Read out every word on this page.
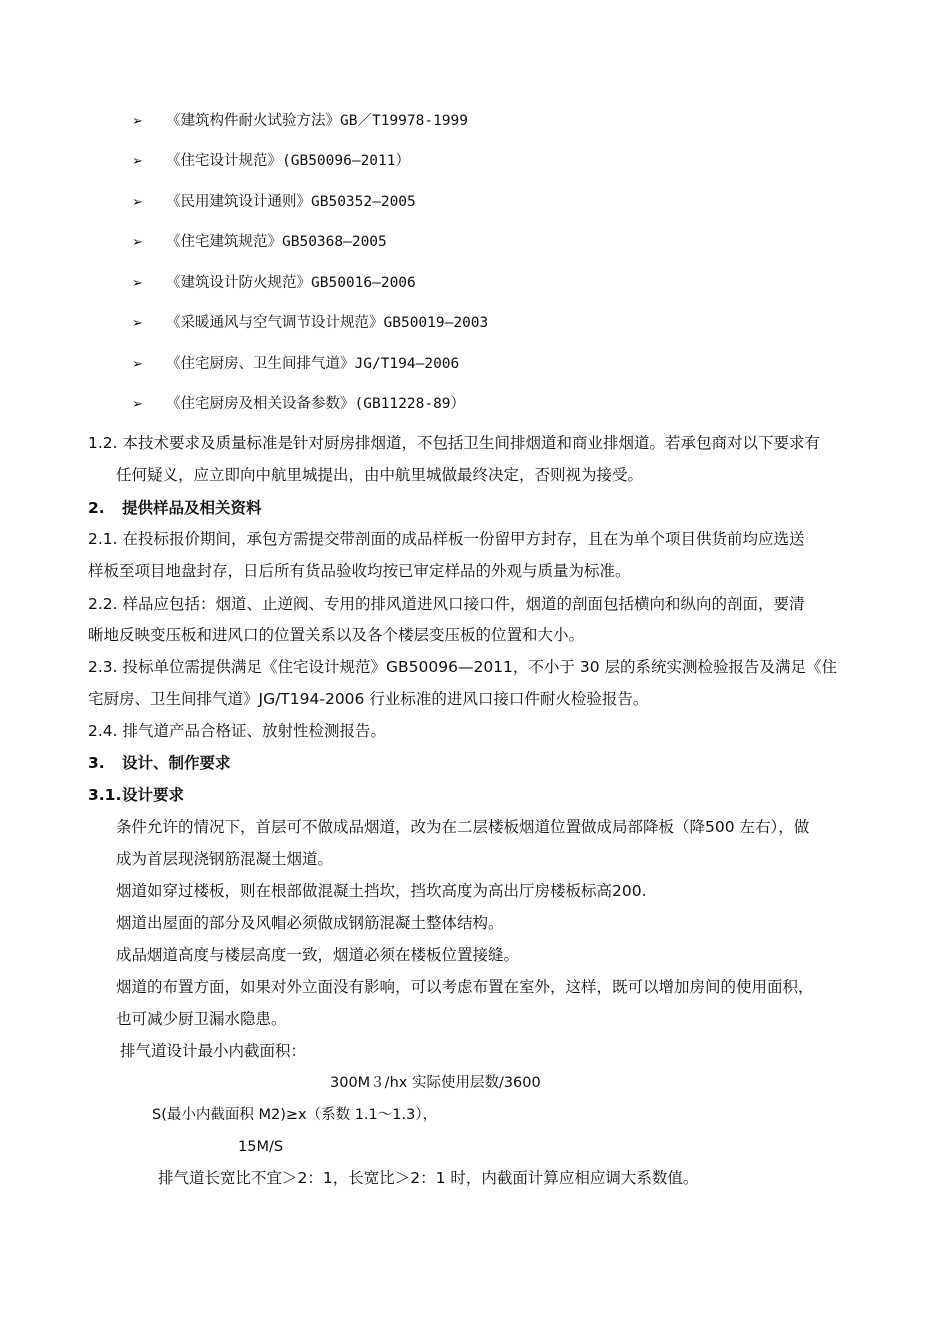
➢ 《建筑构件耐火试验方法》GB／T19978-1999
➢ 《住宅设计规范》(GB50096—2011）
➢ 《民用建筑设计通则》GB50352—2005
➢ 《住宅建筑规范》GB50368—2005
➢ 《建筑设计防火规范》GB50016—2006
➢ 《采暖通风与空气调节设计规范》GB50019—2003
➢ 《住宅厨房、卫生间排气道》JG/T194—2006
➢ 《住宅厨房及相关设备参数》(GB11228-89）
1.2. 本技术要求及质量标准是针对厨房排烟道，不包括卫生间排烟道和商业排烟道。若承包商对以下要求有
任何疑义，应立即向中航里城提出，由中航里城做最终决定，否则视为接受。
2. 提供样品及相关资料
2.1. 在投标报价期间，承包方需提交带剖面的成品样板一份留甲方封存，且在为单个项目供货前均应选送
样板至项目地盘封存，日后所有货品验收均按已审定样品的外观与质量为标准。
2.2. 样品应包括：烟道、止逆阀、专用的排风道进风口接口件，烟道的剖面包括横向和纵向的剖面，要清
晰地反映变压板和进风口的位置关系以及各个楼层变压板的位置和大小。
2.3. 投标单位需提供满足《住宅设计规范》GB50096—2011，不小于 30 层的系统实测检验报告及满足《住
宅厨房、卫生间排气道》JG/T194-2006 行业标准的进风口接口件耐火检验报告。
2.4. 排气道产品合格证、放射性检测报告。
3. 设计、制作要求
3.1.设计要求
条件允许的情况下，首层可不做成品烟道，改为在二层楼板烟道位置做成局部降板（降500 左右），做
成为首层现浇钢筋混凝土烟道。
烟道如穿过楼板，则在根部做混凝土挡坎，挡坎高度为高出厅房楼板标高200.
烟道出屋面的部分及风帽必须做成钢筋混凝土整体结构。
成品烟道高度与楼层高度一致，烟道必须在楼板位置接缝。
烟道的布置方面，如果对外立面没有影响，可以考虑布置在室外，这样，既可以增加房间的使用面积，
也可减少厨卫漏水隐患。
排气道设计最小内截面积：
300M３/hx 实际使用层数/3600
S(最小内截面积 M2)≥x（系数 1.1～1.3），
15M/S
排气道长宽比不宜＞2：1，长宽比＞2：1 时，内截面计算应相应调大系数值。
